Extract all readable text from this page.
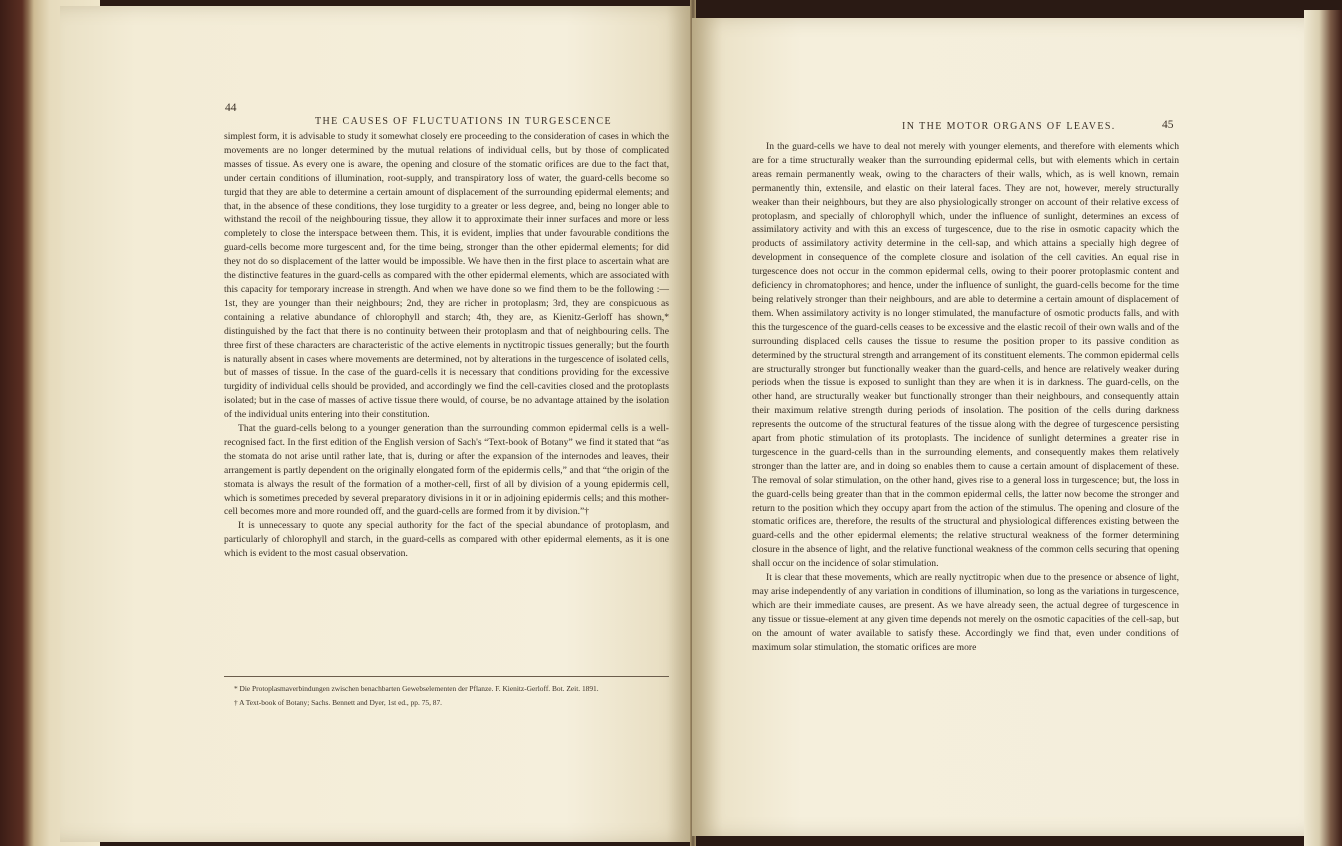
44
THE CAUSES OF FLUCTUATIONS IN TURGESCENCE

simplest form, it is advisable to study it somewhat closely ere proceeding to the consideration of cases in which the movements are no longer determined by the mutual relations of individual cells, but by those of complicated masses of tissue. As every one is aware, the opening and closure of the stomatic orifices are due to the fact that, under certain conditions of illumination, root-supply, and transpiratory loss of water, the guard-cells become so turgid that they are able to determine a certain amount of displacement of the surrounding epidermal elements; and that, in the absence of these conditions, they lose turgidity to a greater or less degree, and, being no longer able to withstand the recoil of the neighbouring tissue, they allow it to approximate their inner surfaces and more or less completely to close the interspace between them. This, it is evident, implies that under favourable conditions the guard-cells become more turgescent and, for the time being, stronger than the other epidermal elements; for did they not do so displacement of the latter would be impossible. We have then in the first place to ascertain what are the distinctive features in the guard-cells as compared with the other epidermal elements, which are associated with this capacity for temporary increase in strength. And when we have done so we find them to be the following :—1st, they are younger than their neighbours; 2nd, they are richer in protoplasm; 3rd, they are conspicuous as containing a relative abundance of chlorophyll and starch; 4th, they are, as Kienitz-Gerloff has shown,* distinguished by the fact that there is no continuity between their protoplasm and that of neighbouring cells. The three first of these characters are characteristic of the active elements in nyctitropic tissues generally; but the fourth is naturally absent in cases where movements are determined, not by alterations in the turgescence of isolated cells, but of masses of tissue. In the case of the guard-cells it is necessary that conditions providing for the excessive turgidity of individual cells should be provided, and accordingly we find the cell-cavities closed and the protoplasts isolated; but in the case of masses of active tissue there would, of course, be no advantage attained by the isolation of the individual units entering into their constitution.

That the guard-cells belong to a younger generation than the surrounding common epidermal cells is a well-recognised fact. In the first edition of the English version of Sach's “Text-book of Botany” we find it stated that “as the stomata do not arise until rather late, that is, during or after the expansion of the internodes and leaves, their arrangement is partly dependent on the originally elongated form of the epidermis cells,” and that “the origin of the stomata is always the result of the formation of a mother-cell, first of all by division of a young epidermis cell, which is sometimes preceded by several preparatory divisions in it or in adjoining epidermis cells; and this mother-cell becomes more and more rounded off, and the guard-cells are formed from it by division.”†

It is unnecessary to quote any special authority for the fact of the special abundance of protoplasm, and particularly of chlorophyll and starch, in the guard-cells as compared with other epidermal elements, as it is one which is evident to the most casual observation.

* Die Protoplasmaverbindungen zwischen benachbarten Gewebselementen der Pflanze. F. Kienitz-Gerloff. Bot. Zeit. 1891.

† A Text-book of Botany; Sachs. Bennett and Dyer, 1st ed., pp. 75, 87.

IN THE MOTOR ORGANS OF LEAVES.	45

In the guard-cells we have to deal not merely with younger elements, and therefore with elements which are for a time structurally weaker than the surrounding epidermal cells, but with elements which in certain areas remain permanently weak, owing to the characters of their walls, which, as is well known, remain permanently thin, extensile, and elastic on their lateral faces. They are not, however, merely structurally weaker than their neighbours, but they are also physiologically stronger on account of their relative excess of protoplasm, and specially of chlorophyll which, under the influence of sunlight, determines an excess of assimilatory activity and with this an excess of turgescence, due to the rise in osmotic capacity which the products of assimilatory activity determine in the cell-sap, and which attains a specially high degree of development in consequence of the complete closure and isolation of the cell cavities. An equal rise in turgescence does not occur in the common epidermal cells, owing to their poorer protoplasmic content and deficiency in chromatophores; and hence, under the influence of sunlight, the guard-cells become for the time being relatively stronger than their neighbours, and are able to determine a certain amount of displacement of them. When assimilatory activity is no longer stimulated, the manufacture of osmotic products falls, and with this the turgescence of the guard-cells ceases to be excessive and the elastic recoil of their own walls and of the surrounding displaced cells causes the tissue to resume the position proper to its passive condition as determined by the structural strength and arrangement of its constituent elements. The common epidermal cells are structurally stronger but functionally weaker than the guard-cells, and hence are relatively weaker during periods when the tissue is exposed to sunlight than they are when it is in darkness. The guard-cells, on the other hand, are structurally weaker but functionally stronger than their neighbours, and consequently attain their maximum relative strength during periods of insolation. The position of the cells during darkness represents the outcome of the structural features of the tissue along with the degree of turgescence persisting apart from photic stimulation of its protoplasts. The incidence of sunlight determines a greater rise in turgescence in the guard-cells than in the surrounding elements, and consequently makes them relatively stronger than the latter are, and in doing so enables them to cause a certain amount of displacement of these. The removal of solar stimulation, on the other hand, gives rise to a general loss in turgescence; but, the loss in the guard-cells being greater than that in the common epidermal cells, the latter now become the stronger and return to the position which they occupy apart from the action of the stimulus. The opening and closure of the stomatic orifices are, therefore, the results of the structural and physiological differences existing between the guard-cells and the other epidermal elements; the relative structural weakness of the former determining closure in the absence of light, and the relative functional weakness of the common cells securing that opening shall occur on the incidence of solar stimulation.

It is clear that these movements, which are really nyctitropic when due to the presence or absence of light, may arise independently of any variation in conditions of illumination, so long as the variations in turgescence, which are their immediate causes, are present. As we have already seen, the actual degree of turgescence in any tissue or tissue-element at any given time depends not merely on the osmotic capacities of the cell-sap, but on the amount of water available to satisfy these. Accordingly we find that, even under conditions of maximum solar stimulation, the stomatic orifices are more
